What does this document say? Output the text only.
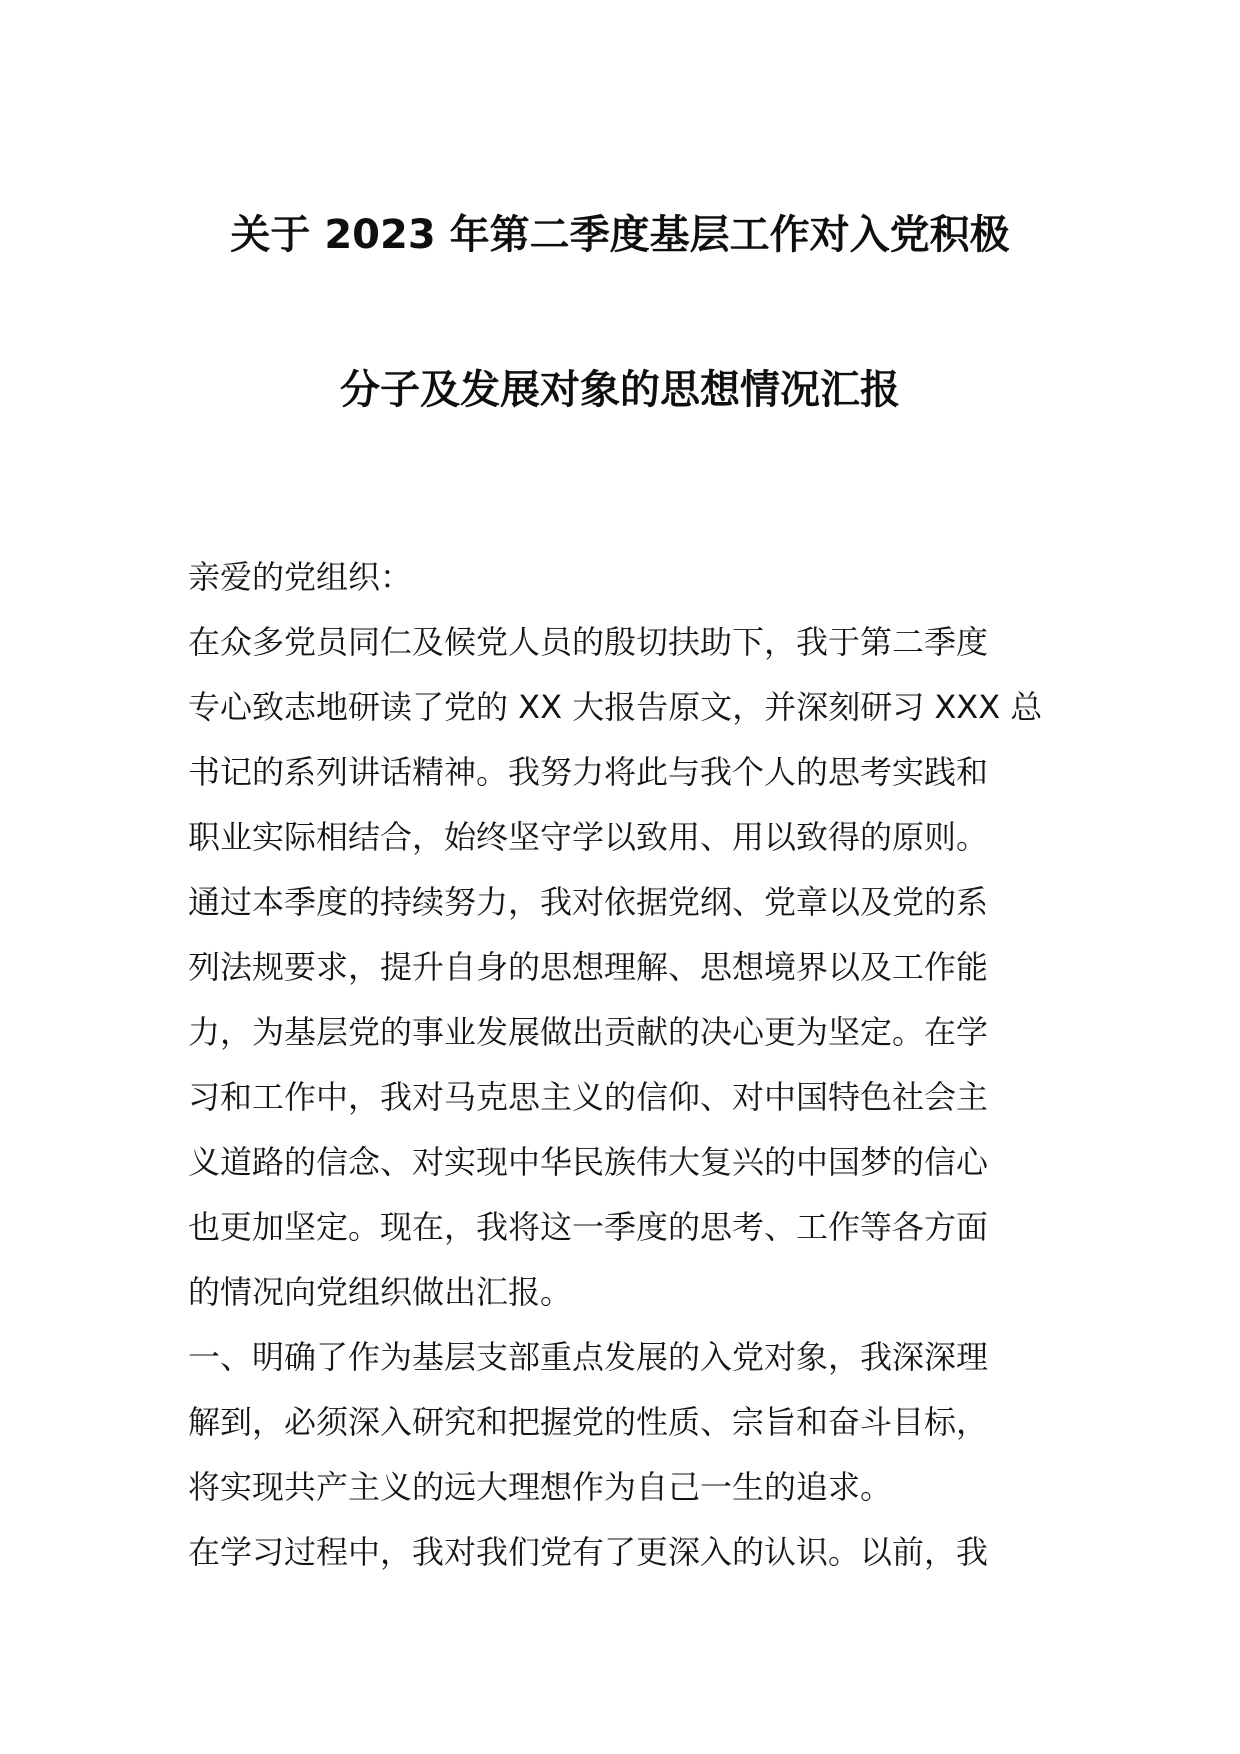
关于 2023 年第二季度基层工作对入党积极
分子及发展对象的思想情况汇报
亲爱的党组织：
在众多党员同仁及候党人员的殷切扶助下，我于第二季度
专心致志地研读了党的 XX 大报告原文，并深刻研习 XXX 总
书记的系列讲话精神。我努力将此与我个人的思考实践和
职业实际相结合，始终坚守学以致用、用以致得的原则。
通过本季度的持续努力，我对依据党纲、党章以及党的系
列法规要求，提升自身的思想理解、思想境界以及工作能
力，为基层党的事业发展做出贡献的决心更为坚定。在学
习和工作中，我对马克思主义的信仰、对中国特色社会主
义道路的信念、对实现中华民族伟大复兴的中国梦的信心
也更加坚定。现在，我将这一季度的思考、工作等各方面
的情况向党组织做出汇报。
一、明确了作为基层支部重点发展的入党对象，我深深理
解到，必须深入研究和把握党的性质、宗旨和奋斗目标，
将实现共产主义的远大理想作为自己一生的追求。
在学习过程中，我对我们党有了更深入的认识。以前，我
